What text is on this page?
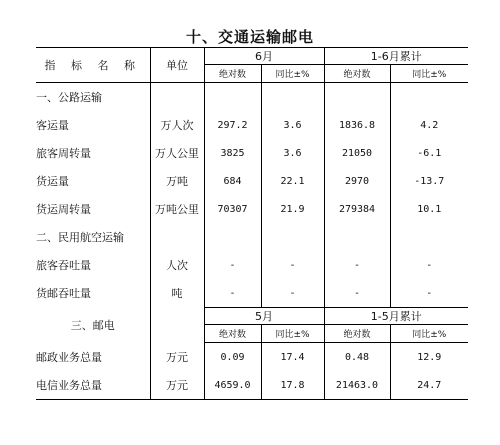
十、交通运输邮电
指 标 名 称	单位	6月		1-6月累计	
		绝对数	同比±%	绝对数	同比±%
一、公路运输					
客运量	万人次	297.2	3.6	1836.8	4.2
旅客周转量	万人公里	3825	3.6	21050	-6.1
货运量	万吨	684	22.1	2970	-13.7
货运周转量	万吨公里	70307	21.9	279384	10.1
二、民用航空运输					
旅客吞吐量	人次	-	-	-	-
货邮吞吐量	吨	-	-	-	-
三、邮电		5月		1-5月累计	
		绝对数	同比±%	绝对数	同比±%
邮政业务总量	万元	0.09	17.4	0.48	12.9
电信业务总量	万元	4659.0	17.8	21463.0	24.7
